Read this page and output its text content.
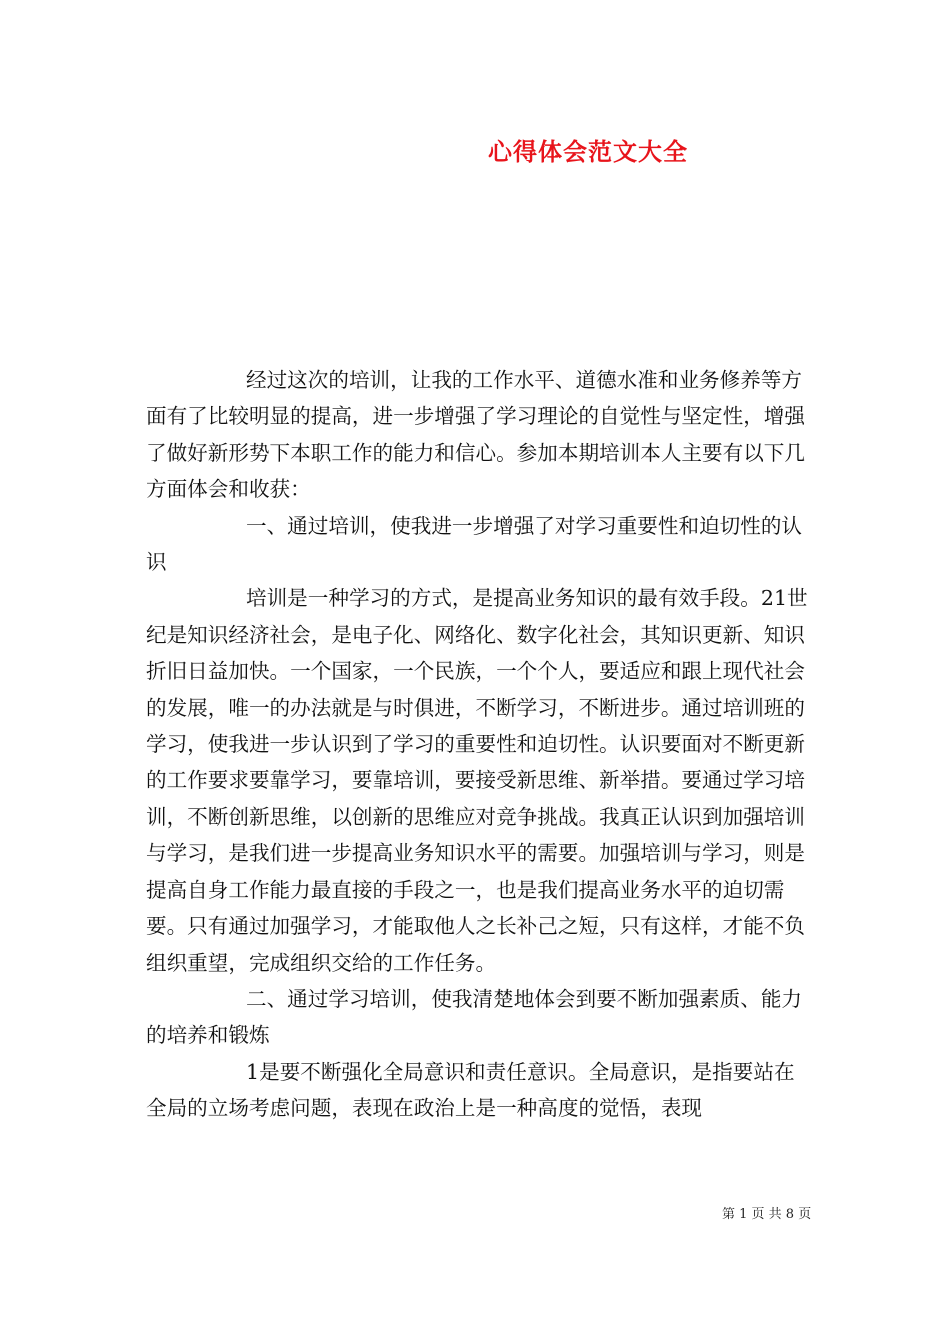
心得体会范文大全

经过这次的培训，让我的工作水平、道德水准和业务修养等方面有了比较明显的提高，进一步增强了学习理论的自觉性与坚定性，增强了做好新形势下本职工作的能力和信心。参加本期培训本人主要有以下几方面体会和收获：

一、通过培训，使我进一步增强了对学习重要性和迫切性的认识

培训是一种学习的方式，是提高业务知识的最有效手段。21世纪是知识经济社会，是电子化、网络化、数字化社会，其知识更新、知识折旧日益加快。一个国家，一个民族，一个个人，要适应和跟上现代社会的发展，唯一的办法就是与时俱进，不断学习，不断进步。通过培训班的学习，使我进一步认识到了学习的重要性和迫切性。认识要面对不断更新的工作要求要靠学习，要靠培训，要接受新思维、新举措。要通过学习培训，不断创新思维，以创新的思维应对竞争挑战。我真正认识到加强培训与学习，是我们进一步提高业务知识水平的需要。加强培训与学习，则是提高自身工作能力最直接的手段之一，也是我们提高业务水平的迫切需要。只有通过加强学习，才能取他人之长补己之短，只有这样，才能不负组织重望，完成组织交给的工作任务。

二、通过学习培训，使我清楚地体会到要不断加强素质、能力的培养和锻炼

1是要不断强化全局意识和责任意识。全局意识，是指要站在全局的立场考虑问题，表现在政治上是一种高度的觉悟，表现

第 1 页 共 8 页
